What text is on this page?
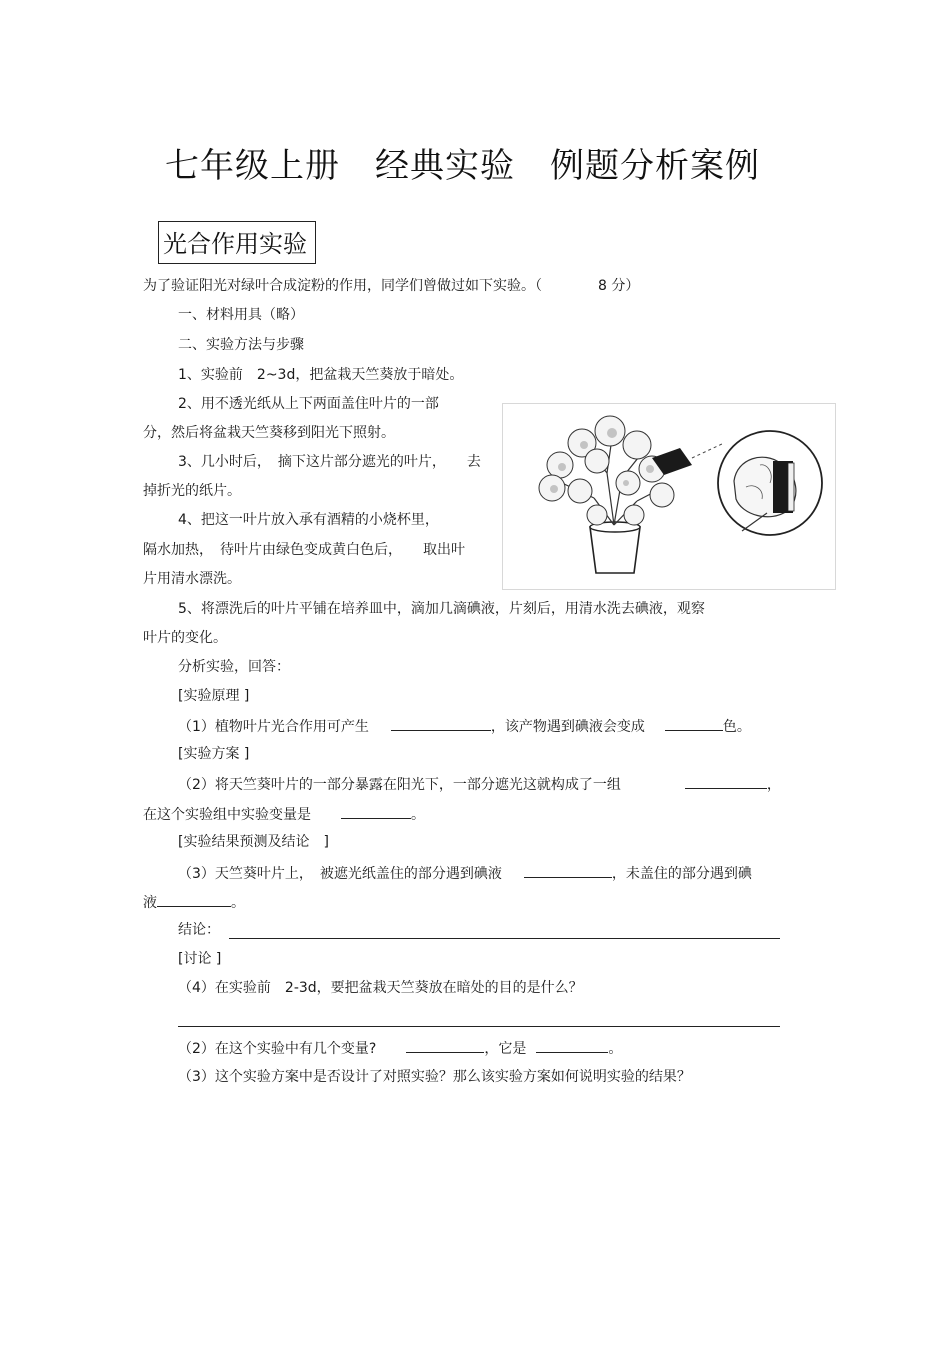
七年级上册　经典实验　例题分析案例
光合作用实验
为了验证阳光对绿叶合成淀粉的作用，同学们曾做过如下实验。（　　　　8 分）
一、材料用具（略）
二、实验方法与步骤
1、实验前　2~3d，把盆栽天竺葵放于暗处。
2、用不透光纸从上下两面盖住叶片的一部
分，然后将盆栽天竺葵移到阳光下照射。
3、几小时后，　摘下这片部分遮光的叶片，　　去
掉折光的纸片。
4、把这一叶片放入承有酒精的小烧杯里，
隔水加热，　待叶片由绿色变成黄白色后，　　取出叶
片用清水漂洗。
5、将漂洗后的叶片平铺在培养皿中，滴加几滴碘液，片刻后，用清水洗去碘液，观察
叶片的变化。
分析实验，回答：
[实验原理 ]
（1）植物叶片光合作用可产生	，该产物遇到碘液会变成	色。
[实验方案 ]
（2）将天竺葵叶片的一部分暴露在阳光下，一部分遮光这就构成了一组	，
在这个实验组中实验变量是	。
[实验结果预测及结论　]
（3）天竺葵叶片上，　被遮光纸盖住的部分遇到碘液	，未盖住的部分遇到碘
液	。
结论：
[讨论 ]
（4）在实验前　2-3d，要把盆栽天竺葵放在暗处的目的是什么？
（2）在这个实验中有几个变量?	，它是	。
（3）这个实验方案中是否设计了对照实验？那么该实验方案如何说明实验的结果？
